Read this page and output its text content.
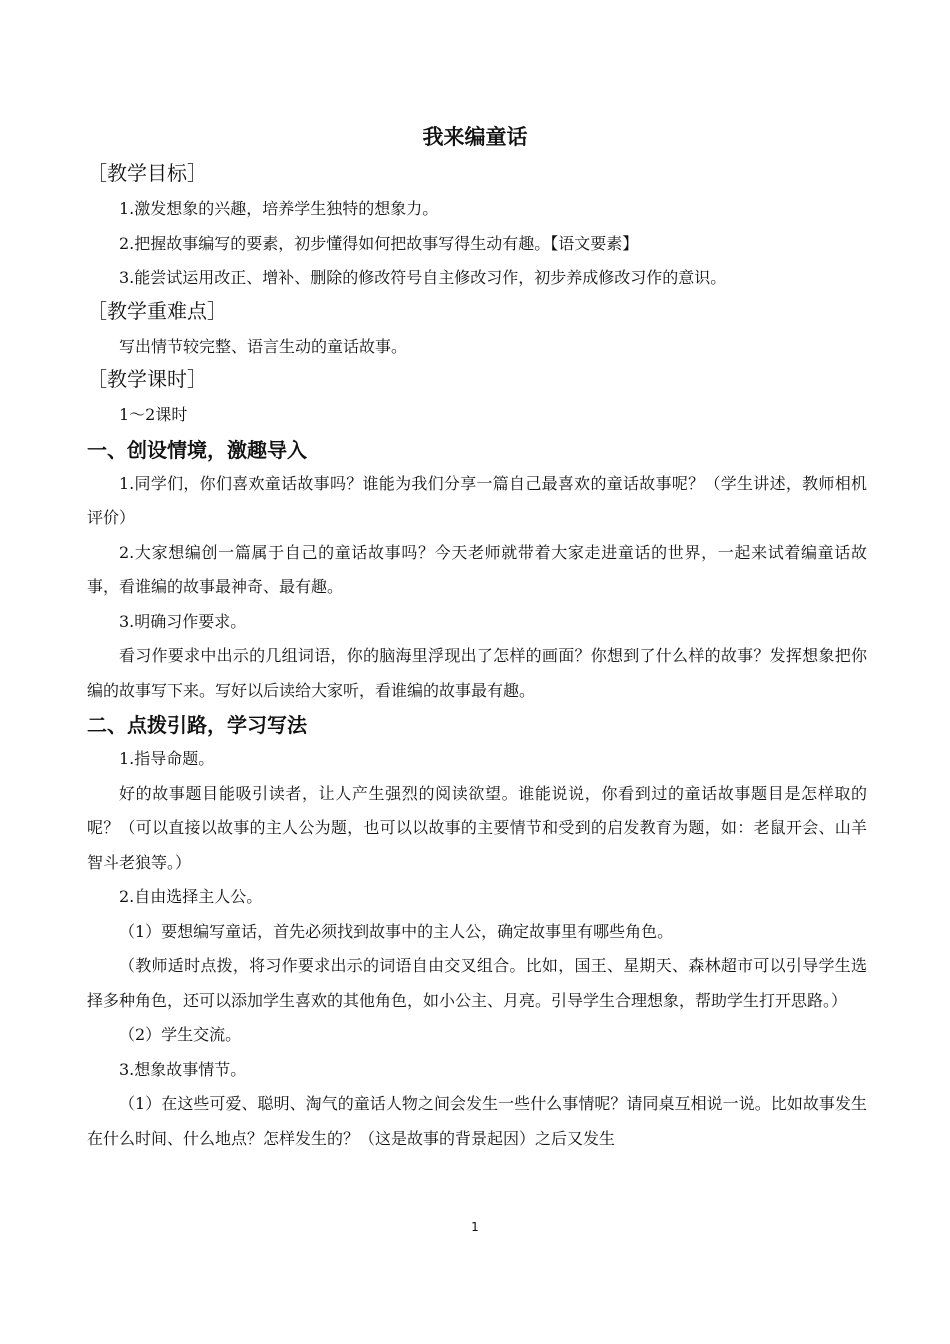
我来编童话
［教学目标］

1.激发想象的兴趣，培养学生独特的想象力。

2.把握故事编写的要素，初步懂得如何把故事写得生动有趣。【语文要素】

3.能尝试运用改正、增补、删除的修改符号自主修改习作，初步养成修改习作的意识。

［教学重难点］

写出情节较完整、语言生动的童话故事。

［教学课时］

1～2课时

一、创设情境，激趣导入

1.同学们，你们喜欢童话故事吗？谁能为我们分享一篇自己最喜欢的童话故事呢？（学生讲述，教师相机评价）

2.大家想编创一篇属于自己的童话故事吗？今天老师就带着大家走进童话的世界，一起来试着编童话故事，看谁编的故事最神奇、最有趣。

3.明确习作要求。

看习作要求中出示的几组词语，你的脑海里浮现出了怎样的画面？你想到了什么样的故事？发挥想象把你编的故事写下来。写好以后读给大家听，看谁编的故事最有趣。

二、点拨引路，学习写法

1.指导命题。

好的故事题目能吸引读者，让人产生强烈的阅读欲望。谁能说说，你看到过的童话故事题目是怎样取的呢？（可以直接以故事的主人公为题，也可以以故事的主要情节和受到的启发教育为题，如：老鼠开会、山羊智斗老狼等。）

2.自由选择主人公。

（1）要想编写童话，首先必须找到故事中的主人公，确定故事里有哪些角色。

（教师适时点拨，将习作要求出示的词语自由交叉组合。比如，国王、星期天、森林超市可以引导学生选择多种角色，还可以添加学生喜欢的其他角色，如小公主、月亮。引导学生合理想象，帮助学生打开思路。）

（2）学生交流。

3.想象故事情节。

（1）在这些可爱、聪明、淘气的童话人物之间会发生一些什么事情呢？请同桌互相说一说。比如故事发生在什么时间、什么地点？怎样发生的？（这是故事的背景起因）之后又发生

1
